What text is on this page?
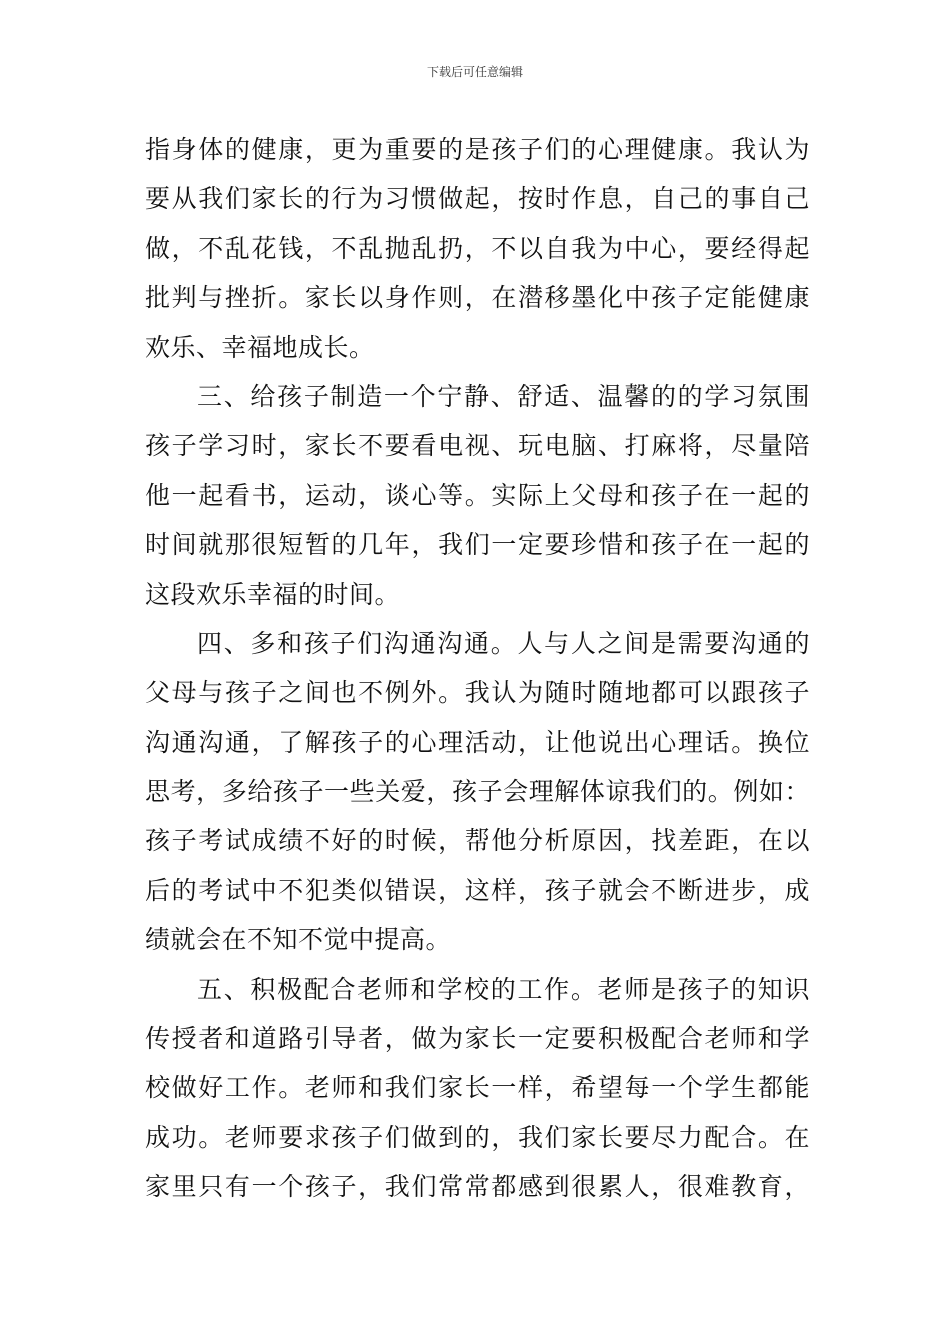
下载后可任意编辑
指身体的健康，更为重要的是孩子们的心理健康。我认为
要从我们家长的行为习惯做起，按时作息，自己的事自己
做，不乱花钱，不乱抛乱扔，不以自我为中心，要经得起
批判与挫折。家长以身作则，在潜移墨化中孩子定能健康
欢乐、幸福地成长。
三、给孩子制造一个宁静、舒适、温馨的的学习氛围
孩子学习时，家长不要看电视、玩电脑、打麻将，尽量陪
他一起看书，运动，谈心等。实际上父母和孩子在一起的
时间就那很短暂的几年，我们一定要珍惜和孩子在一起的
这段欢乐幸福的时间。
四、多和孩子们沟通沟通。人与人之间是需要沟通的
父母与孩子之间也不例外。我认为随时随地都可以跟孩子
沟通沟通，了解孩子的心理活动，让他说出心理话。换位
思考，多给孩子一些关爱，孩子会理解体谅我们的。例如：
孩子考试成绩不好的时候，帮他分析原因，找差距，在以
后的考试中不犯类似错误，这样，孩子就会不断进步，成
绩就会在不知不觉中提高。
五、积极配合老师和学校的工作。老师是孩子的知识
传授者和道路引导者，做为家长一定要积极配合老师和学
校做好工作。老师和我们家长一样，希望每一个学生都能
成功。老师要求孩子们做到的，我们家长要尽力配合。在
家里只有一个孩子，我们常常都感到很累人，很难教育，
